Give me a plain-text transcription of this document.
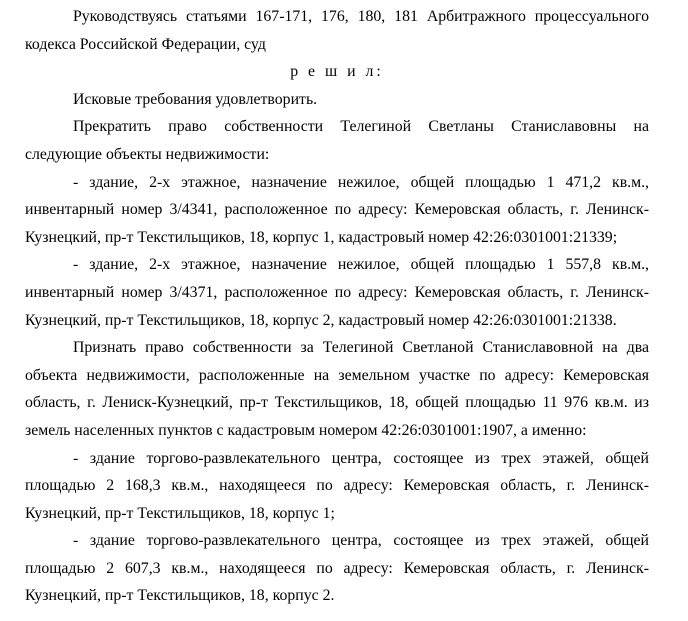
Руководствуясь статьями 167-171, 176, 180, 181 Арбитражного процессуального кодекса Российской Федерации, суд

р е ш и л:

Исковые требования удовлетворить.

Прекратить право собственности Телегиной Светланы Станиславовны на следующие объекты недвижимости:

- здание, 2-х этажное, назначение нежилое, общей площадью 1 471,2 кв.м., инвентарный номер 3/4341, расположенное по адресу: Кемеровская область, г. Ленинск-Кузнецкий, пр-т Текстильщиков, 18, корпус 1, кадастровый номер 42:26:0301001:21339;

- здание, 2-х этажное, назначение нежилое, общей площадью 1 557,8 кв.м., инвентарный номер 3/4371, расположенное по адресу: Кемеровская область, г. Ленинск-Кузнецкий, пр-т Текстильщиков, 18, корпус 2, кадастровый номер 42:26:0301001:21338.

Признать право собственности за Телегиной Светланой Станиславовной на два объекта недвижимости, расположенные на земельном участке по адресу: Кемеровская область, г. Лениск-Кузнецкий, пр-т Текстильщиков, 18, общей площадью 11 976 кв.м. из земель населенных пунктов с кадастровым номером 42:26:0301001:1907, а именно:

- здание торгово-развлекательного центра, состоящее из трех этажей, общей площадью 2 168,3 кв.м., находящееся по адресу: Кемеровская область, г. Ленинск-Кузнецкий, пр-т Текстильщиков, 18, корпус 1;

- здание торгово-развлекательного центра, состоящее из трех этажей, общей площадью 2 607,3 кв.м., находящееся по адресу: Кемеровская область, г. Ленинск-Кузнецкий, пр-т Текстильщиков, 18, корпус 2.
